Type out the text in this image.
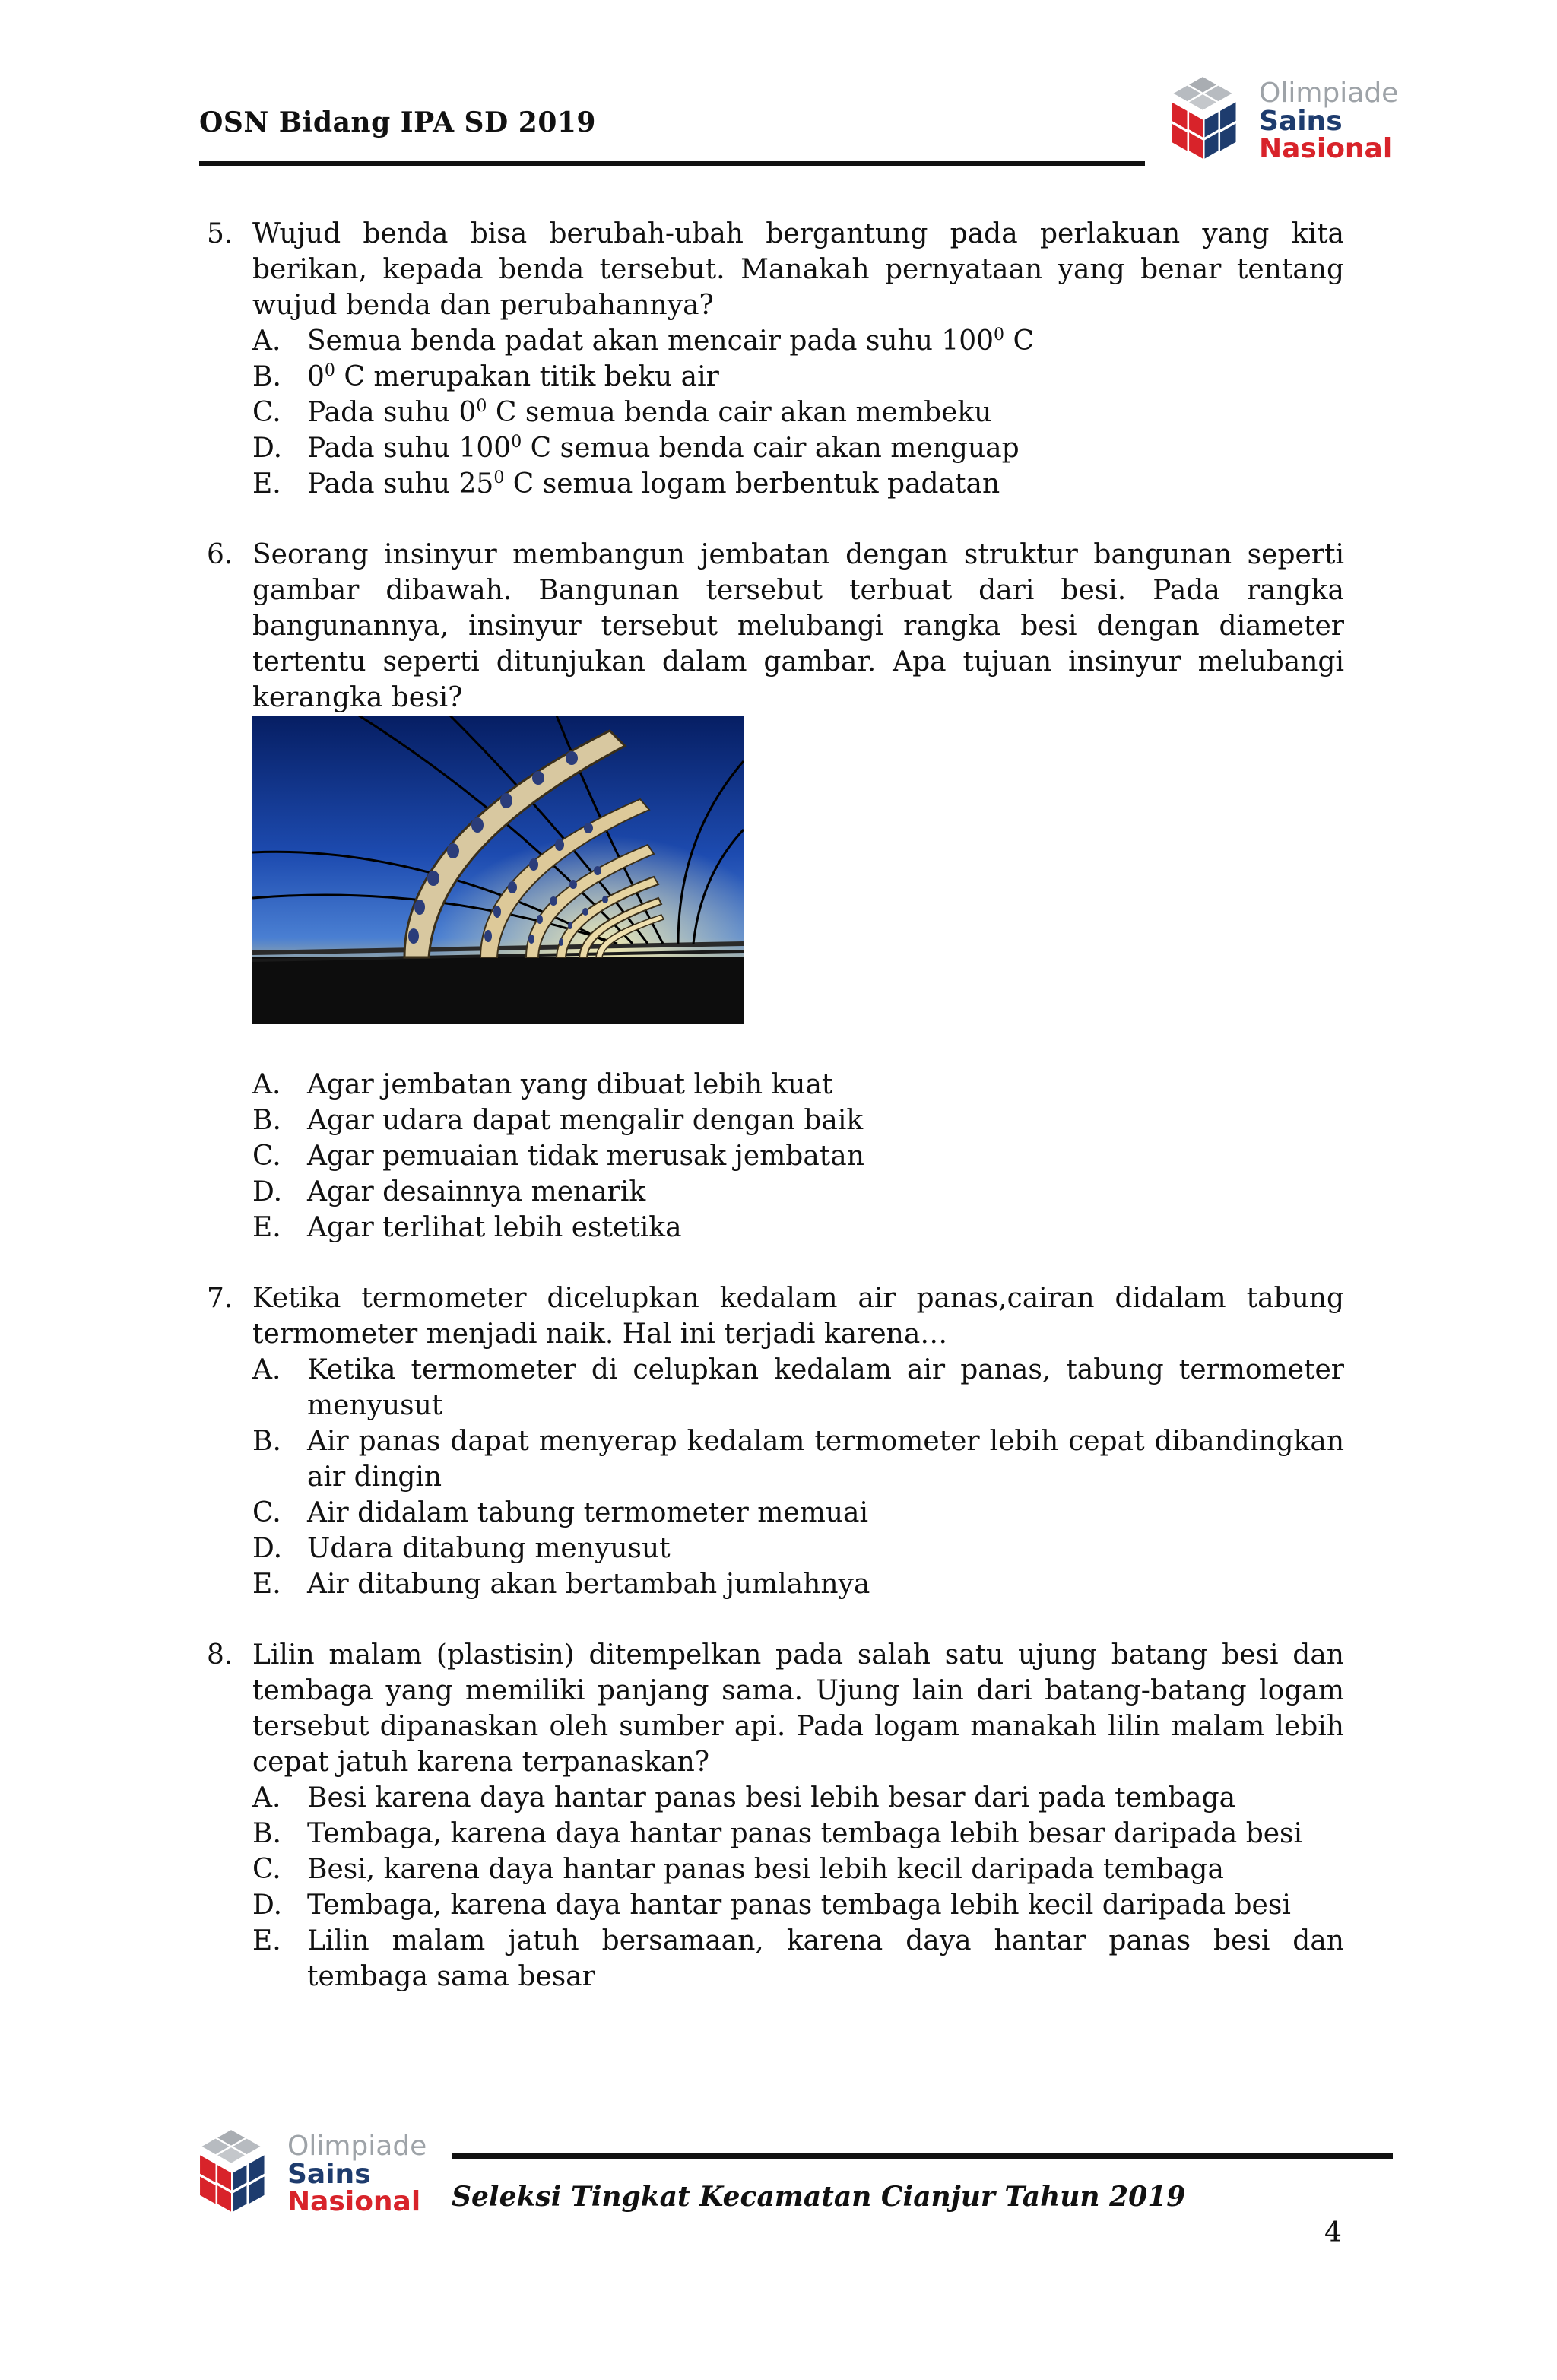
OSN Bidang IPA SD 2019
Olimpiade
Sains
Nasional
5. Wujud benda bisa berubah-ubah bergantung pada perlakuan yang kita berikan, kepada benda tersebut. Manakah pernyataan yang benar tentang wujud benda dan perubahannya?
A. Semua benda padat akan mencair pada suhu $100^0$ C
B. $0^0$ C merupakan titik beku air
C. Pada suhu $0^0$ C semua benda cair akan membeku
D. Pada suhu $100^0$ C semua benda cair akan menguap
E. Pada suhu $25^0$ C semua logam berbentuk padatan
6. Seorang insinyur membangun jembatan dengan struktur bangunan seperti gambar dibawah. Bangunan tersebut terbuat dari besi. Pada rangka bangunannya, insinyur tersebut melubangi rangka besi dengan diameter tertentu seperti ditunjukan dalam gambar. Apa tujuan insinyur melubangi kerangka besi?
A. Agar jembatan yang dibuat lebih kuat
B. Agar udara dapat mengalir dengan baik
C. Agar pemuaian tidak merusak jembatan
D. Agar desainnya menarik
E. Agar terlihat lebih estetika
7. Ketika termometer dicelupkan kedalam air panas,cairan didalam tabung termometer menjadi naik. Hal ini terjadi karena…
A. Ketika termometer di celupkan kedalam air panas, tabung termometer menyusut
B. Air panas dapat menyerap kedalam termometer lebih cepat dibandingkan air dingin
C. Air didalam tabung termometer memuai
D. Udara ditabung menyusut
E. Air ditabung akan bertambah jumlahnya
8. Lilin malam (plastisin) ditempelkan pada salah satu ujung batang besi dan tembaga yang memiliki panjang sama. Ujung lain dari batang-batang logam tersebut dipanaskan oleh sumber api. Pada logam manakah lilin malam lebih cepat jatuh karena terpanaskan?
A. Besi karena daya hantar panas besi lebih besar dari pada tembaga
B. Tembaga, karena daya hantar panas tembaga lebih besar daripada besi
C. Besi, karena daya hantar panas besi lebih kecil daripada tembaga
D. Tembaga, karena daya hantar panas tembaga lebih kecil daripada besi
E. Lilin malam jatuh bersamaan, karena daya hantar panas besi dan tembaga sama besar
Olimpiade
Sains
Nasional Seleksi Tingkat Kecamatan Cianjur Tahun 2019
4
